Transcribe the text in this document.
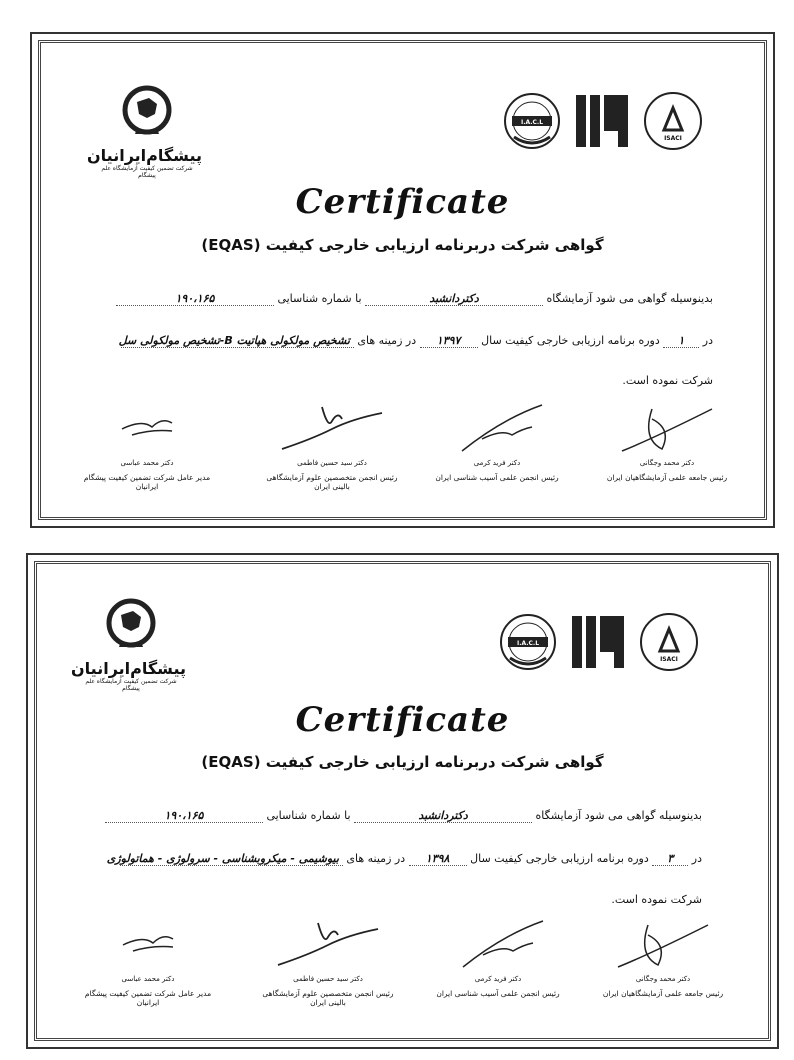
پیشگام‌ایرانیان
شرکت تضمین کیفیت آزمایشگاه علم پیشگام
I.A.C.L
ISACI
Certificate
گواهی شرکت دربرنامه ارزیابی خارجی کیفیت (EQAS)
بدینوسیله گواهی می شود آزمایشگاه دکتردانشبد با شماره شناسایی ۱۹۰،۱۶۵
در ۱ دوره برنامه ارزیابی خارجی کیفیت سال ۱۳۹۷ در زمینه های تشخیص مولکولی هپاتیت B-تشخیص مولکولی سل
شرکت نموده است.
دکتر محمد وجگانی
رئیس جامعه علمی آزمایشگاهیان ایران
دکتر فرید کرمی
رئیس انجمن علمی آسیب شناسی ایران
دکتر سید حسین فاطمی
رئیس انجمن متخصصین علوم آزمایشگاهی بالینی ایران
دکتر محمد عباسی
مدیر عامل شرکت تضمین کیفیت پیشگام ایرانیان
پیشگام‌ایرانیان
شرکت تضمین کیفیت آزمایشگاه علم پیشگام
I.A.C.L
ISACI
Certificate
گواهی شرکت دربرنامه ارزیابی خارجی کیفیت (EQAS)
بدینوسیله گواهی می شود آزمایشگاه دکتردانشبد با شماره شناسایی ۱۹۰،۱۶۵
در ۳ دوره برنامه ارزیابی خارجی کیفیت سال ۱۳۹۸ در زمینه های بیوشیمی - میکروبشناسی - سرولوژی - هماتولوژی
شرکت نموده است.
دکتر محمد وجگانی
رئیس جامعه علمی آزمایشگاهیان ایران
دکتر فرید کرمی
رئیس انجمن علمی آسیب شناسی ایران
دکتر سید حسین فاطمی
رئیس انجمن متخصصین علوم آزمایشگاهی بالینی ایران
دکتر محمد عباسی
مدیر عامل شرکت تضمین کیفیت پیشگام ایرانیان
